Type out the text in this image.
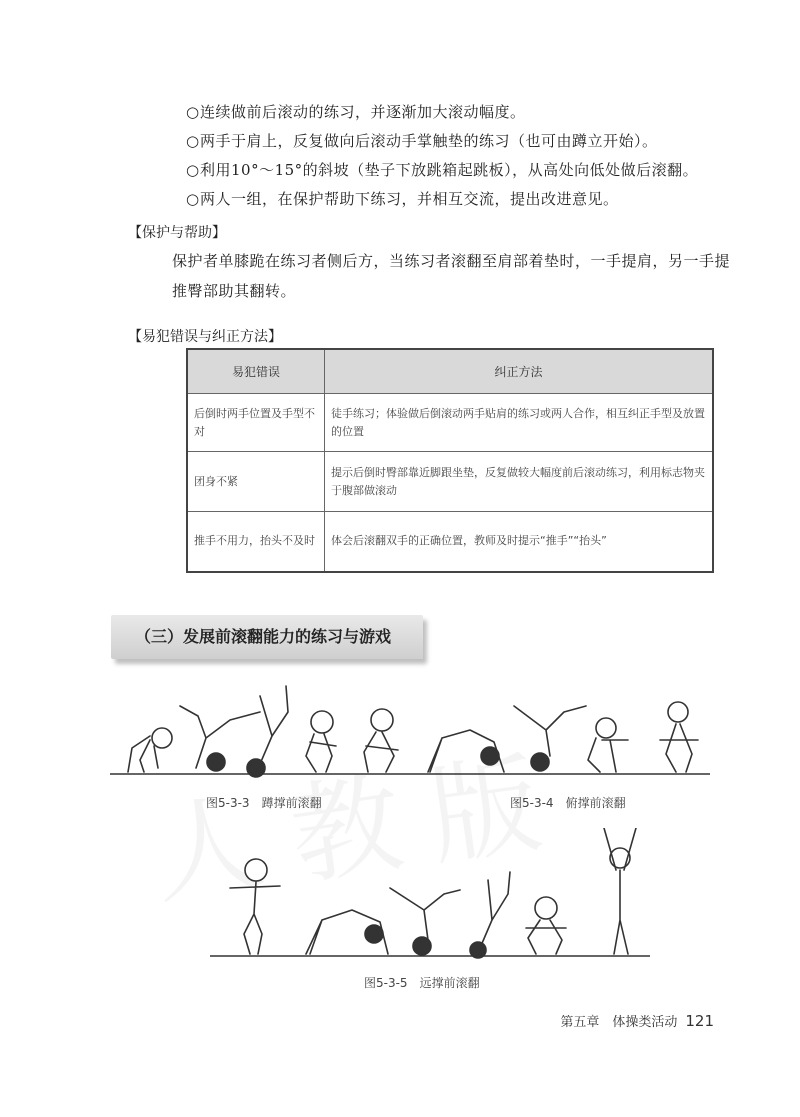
○连续做前后滚动的练习，并逐渐加大滚动幅度。
○两手于肩上，反复做向后滚动手掌触垫的练习（也可由蹲立开始）。
○利用10°～15°的斜坡（垫子下放跳箱起跳板），从高处向低处做后滚翻。
○两人一组，在保护帮助下练习，并相互交流，提出改进意见。
【保护与帮助】
保护者单膝跪在练习者侧后方，当练习者滚翻至肩部着垫时，一手提肩，另一手提推臀部助其翻转。
【易犯错误与纠正方法】
易犯错误	纠正方法
后倒时两手位置及手型不对	徒手练习；体验做后倒滚动两手贴肩的练习或两人合作，相互纠正手型及放置的位置
团身不紧	提示后倒时臀部靠近脚跟坐垫，反复做较大幅度前后滚动练习，利用标志物夹于腹部做滚动
推手不用力，抬头不及时	体会后滚翻双手的正确位置，教师及时提示“推手”“抬头”
（三）发展前滚翻能力的练习与游戏
图5-3-3 蹲撑前滚翻	图5-3-4 俯撑前滚翻
图5-3-5 远撑前滚翻
第五章　体操类活动 121
